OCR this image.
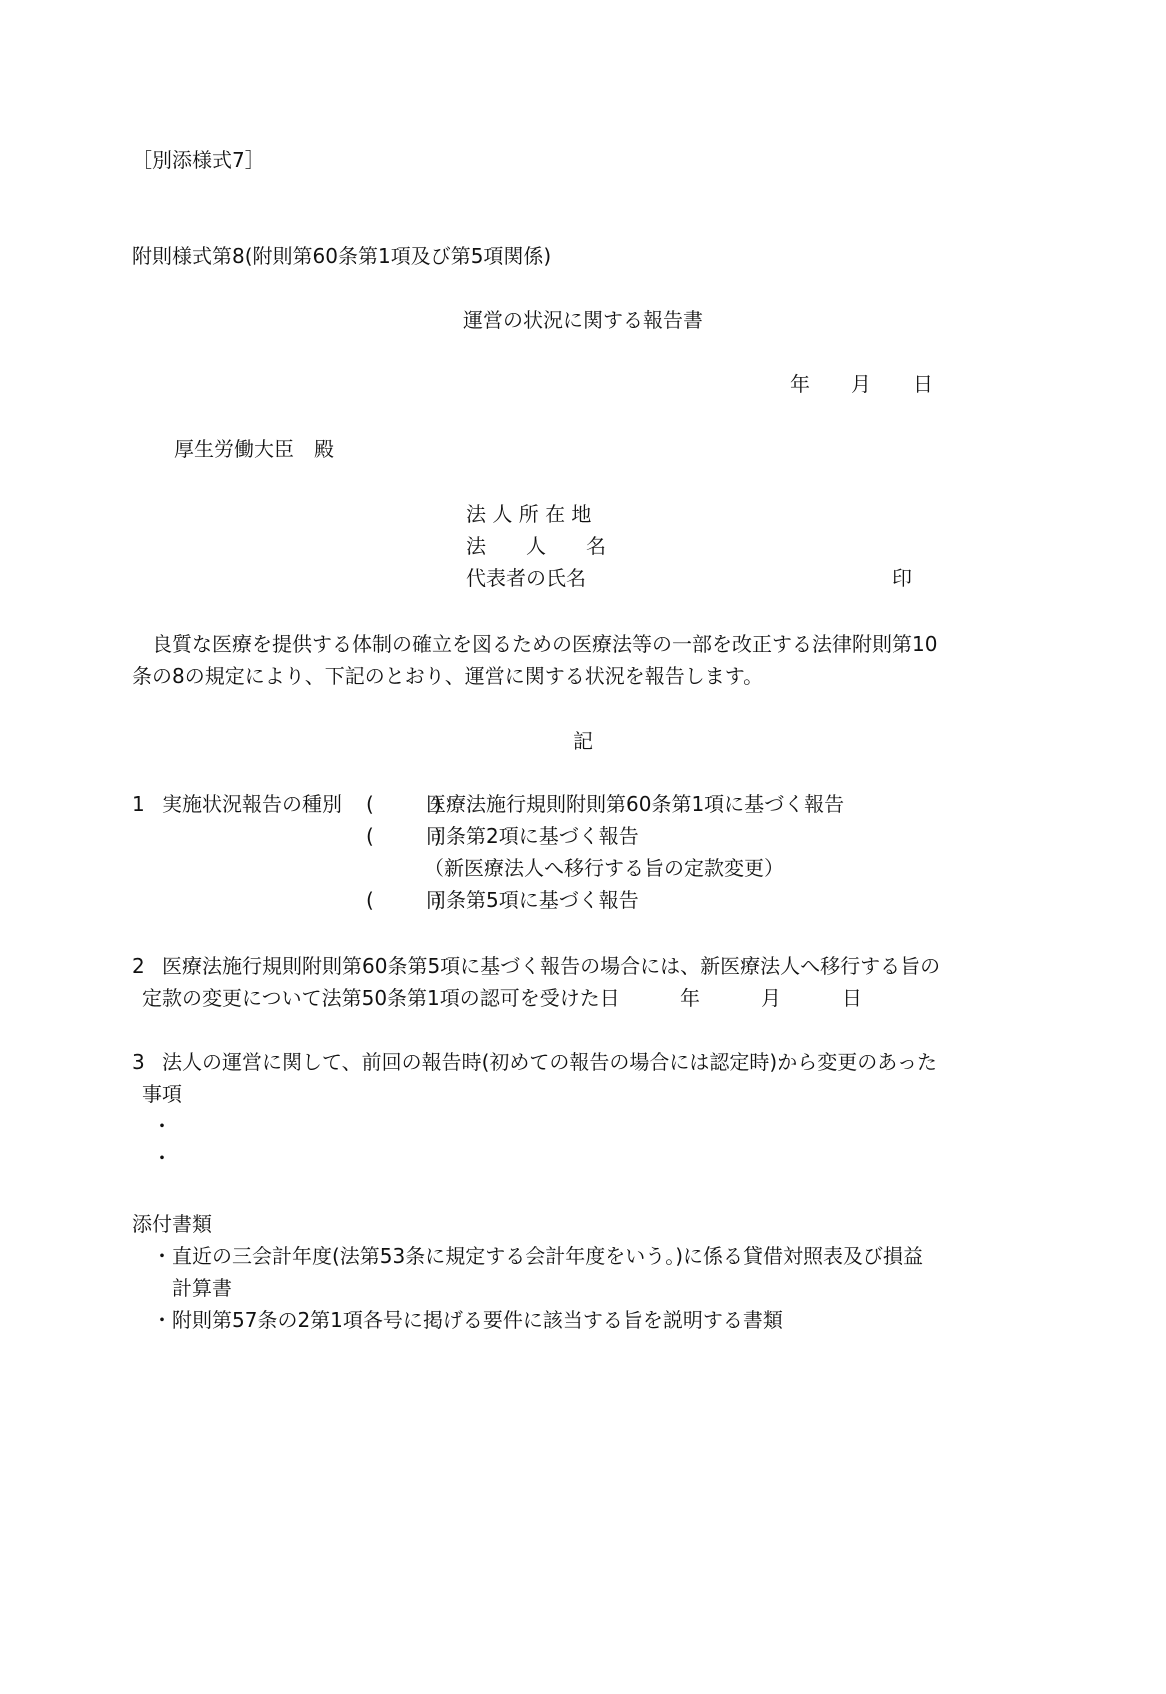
［別添様式7］
附則様式第8(附則第60条第1項及び第5項関係)
運営の状況に関する報告書
年 月 日
厚生労働大臣　殿
法 人 所 在 地
法　　人　　名
代表者の氏名	印
　良質な医療を提供する体制の確立を図るための医療法等の一部を改正する法律附則第10
条の8の規定により、下記のとおり、運営に関する状況を報告します。
記
1 実施状況報告の種別 (　　　)
医療法施行規則附則第60条第1項に基づく報告
(　　　)
同条第2項に基づく報告
（新医療法人へ移行する旨の定款変更）
(　　　)
同条第5項に基づく報告
2 医療法施行規則附則第60条第5項に基づく報告の場合には、新医療法人へ移行する旨の
定款の変更について法第50条第1項の認可を受けた日	年	月	日
3 法人の運営に関して、前回の報告時(初めての報告の場合には認定時)から変更のあった
事項
・
・
添付書類
・直近の三会計年度(法第53条に規定する会計年度をいう。)に係る貸借対照表及び損益
計算書
・附則第57条の2第1項各号に掲げる要件に該当する旨を説明する書類
